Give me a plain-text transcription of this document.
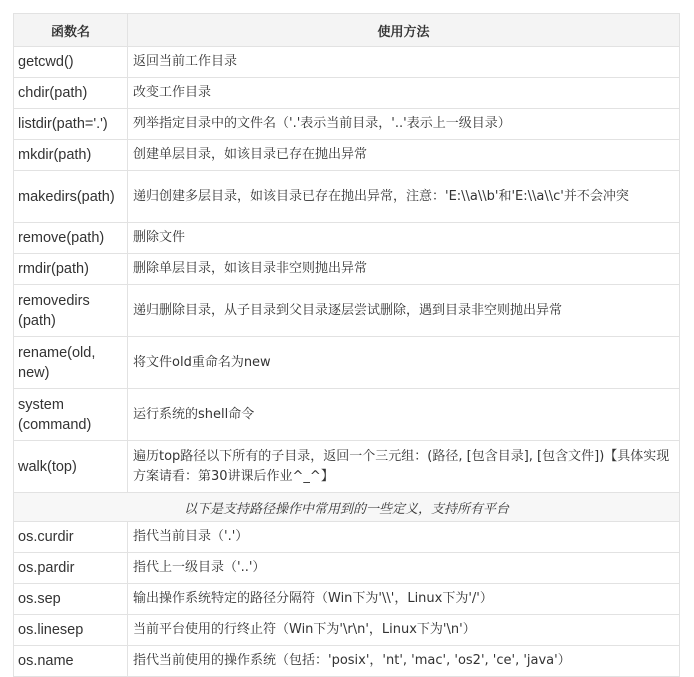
函数名	使用方法
getcwd()	返回当前工作目录
chdir(path)	改变工作目录
listdir(path='.')	列举指定目录中的文件名（'.'表示当前目录，'..'表示上一级目录）
mkdir(path)	创建单层目录，如该目录已存在抛出异常
makedirs(path)	递归创建多层目录，如该目录已存在抛出异常，注意：'E:\\a\\b'和'E:\\a\\c'并不会冲突
remove(path)	删除文件
rmdir(path)	删除单层目录，如该目录非空则抛出异常
removedirs (path)	递归删除目录，从子目录到父目录逐层尝试删除，遇到目录非空则抛出异常
rename(old, new)	将文件old重命名为new
system (command)	运行系统的shell命令
walk(top)	遍历top路径以下所有的子目录，返回一个三元组：(路径, [包含目录], [包含文件])【具体实现方案请看：第30讲课后作业^_^】
以下是支持路径操作中常用到的一些定义，支持所有平台	
os.curdir	指代当前目录（'.'）
os.pardir	指代上一级目录（'..'）
os.sep	输出操作系统特定的路径分隔符（Win下为'\\'，Linux下为'/'）
os.linesep	当前平台使用的行终止符（Win下为'\r\n'，Linux下为'\n'）
os.name	指代当前使用的操作系统（包括：'posix'，'nt', 'mac', 'os2', 'ce', 'java'）
